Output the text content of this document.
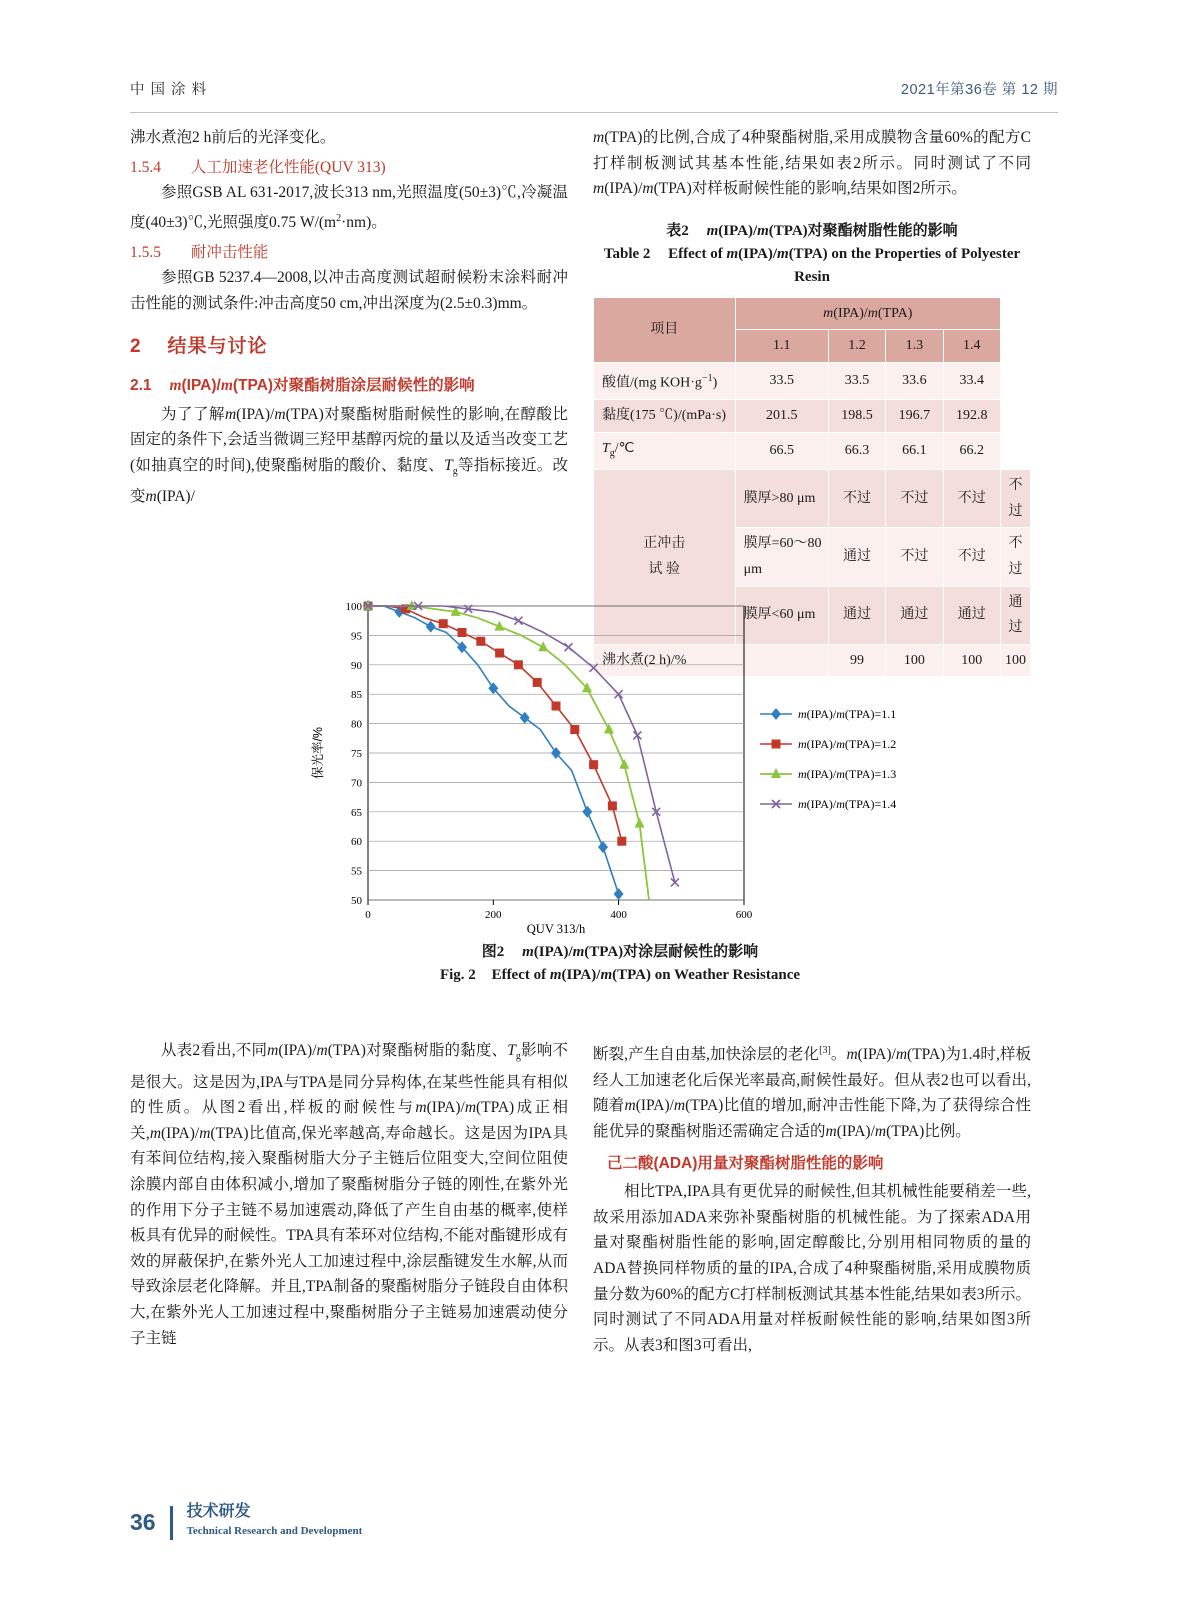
中 国 涂 料	2021年第36卷 第 12 期

沸水煮泡2 h前后的光泽变化。

1.5.4 人工加速老化性能(QUV 313)

参照GSB AL 631-2017,波长313 nm,光照温度(50±3)℃,冷凝温度(40±3)℃,光照强度0.75 $W/(m^2\cdot nm)$。

1.5.5 耐冲击性能

参照GB 5237.4—2008,以冲击高度测试超耐候粉末涂料耐冲击性能的测试条件:冲击高度50 cm,冲出深度为(2.5±0.3)mm。

2 结果与讨论

2.1 m(IPA)/m(TPA)对聚酯树脂涂层耐候性的影响

为了了解m(IPA)/m(TPA)对聚酯树脂耐候性的影响,在醇酸比固定的条件下,会适当微调三羟甲基醇丙烷的量以及适当改变工艺(如抽真空的时间),使聚酯树脂的酸价、黏度、$T_g$等指标接近。改变m(IPA)/

m(TPA)的比例,合成了4种聚酯树脂,采用成膜物含量60%的配方C打样制板测试其基本性能,结果如表2所示。同时测试了不同m(IPA)/m(TPA)对样板耐候性能的影响,结果如图2所示。

表2 m(IPA)/m(TPA)对聚酯树脂性能的影响
Table 2 Effect of m(IPA)/m(TPA) on the Properties of Polyester Resin
项目	m(IPA)/m(TPA)				
	1.1	1.2	1.3	1.4	
酸值/(mg $KOH\cdot g^{-1}$)	33.5	33.5	33.6	33.4	
黏度(175 ℃)/(mPa·s)	201.5	198.5	196.7	192.8	
$T_g/℃$	66.5	66.3	66.1	66.2	
正冲击
试 验	膜厚>80 μm	不过	不过	不过	不过
	膜厚=60～80 μm	通过	不过	不过	不过
	膜厚<60 μm	通过	通过	通过	通过
沸水煮(2 h)/%		99	100	100	100
100
95
90
85
80
75
70
65
60
55
50
0	200	400	600
QUV 313/h
保光率/%
m(IPA)/m(TPA)=1.1
m(IPA)/m(TPA)=1.2
m(IPA)/m(TPA)=1.3
m(IPA)/m(TPA)=1.4
图2 m(IPA)/m(TPA)对涂层耐候性的影响
Fig. 2 Effect of m(IPA)/m(TPA) on Weather Resistance

从表2看出,不同m(IPA)/m(TPA)对聚酯树脂的黏度、$T_g$影响不是很大。这是因为,IPA与TPA是同分异构体,在某些性能具有相似的性质。从图2看出,样板的耐候性与m(IPA)/m(TPA)成正相关,m(IPA)/m(TPA)比值高,保光率越高,寿命越长。这是因为IPA具有苯间位结构,接入聚酯树脂大分子主链后位阻变大,空间位阻使涂膜内部自由体积减小,增加了聚酯树脂分子链的刚性,在紫外光的作用下分子主链不易加速震动,降低了产生自由基的概率,使样板具有优异的耐候性。TPA具有苯环对位结构,不能对酯键形成有效的屏蔽保护,在紫外光人工加速过程中,涂层酯键发生水解,从而导致涂层老化降解。并且,TPA制备的聚酯树脂分子链段自由体积大,在紫外光人工加速过程中,聚酯树脂分子主链易加速震动使分子主链

断裂,产生自由基,加快涂层的老化[3]。m(IPA)/m(TPA)为1.4时,样板经人工加速老化后保光率最高,耐候性最好。但从表2也可以看出,随着m(IPA)/m(TPA)比值的增加,耐冲击性能下降,为了获得综合性能优异的聚酯树脂还需确定合适的m(IPA)/m(TPA)比例。

己二酸(ADA)用量对聚酯树脂性能的影响

相比TPA,IPA具有更优异的耐候性,但其机械性能要稍差一些,故采用添加ADA来弥补聚酯树脂的机械性能。为了探索ADA用量对聚酯树脂性能的影响,固定醇酸比,分别用相同物质的量的ADA替换同样物质的量的IPA,合成了4种聚酯树脂,采用成膜物质量分数为60%的配方C打样制板测试其基本性能,结果如表3所示。同时测试了不同ADA用量对样板耐候性能的影响,结果如图3所示。从表3和图3可看出,

36 技术研发
Technical Research and Development
